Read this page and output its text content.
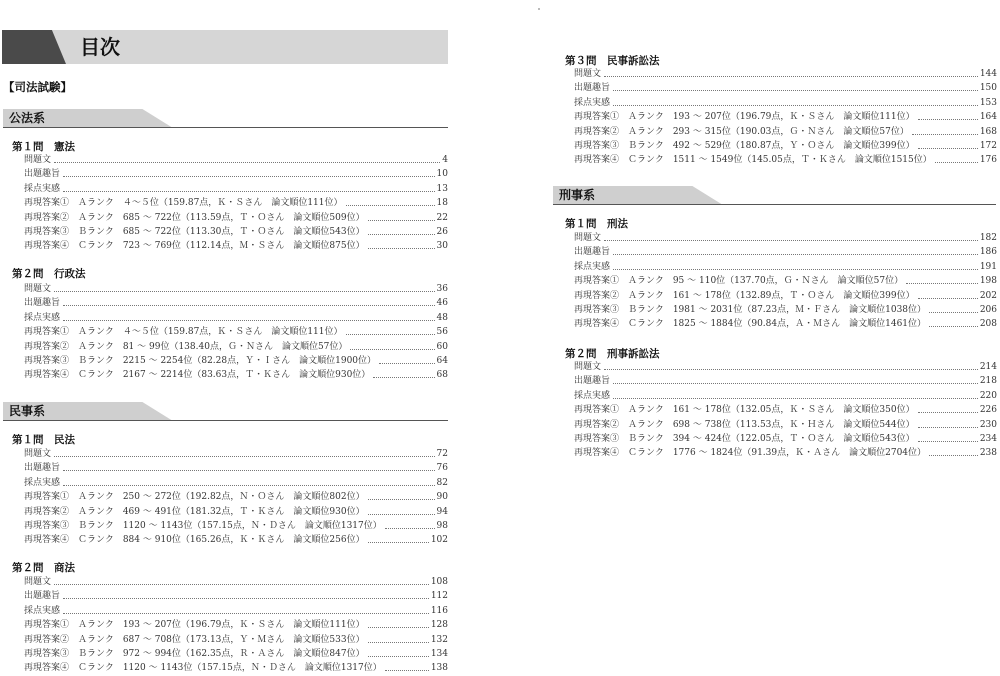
目次
【司法試験】
公法系
第１問　憲法
問題文	4
出題趣旨	10
採点実感	13
再現答案①　Ａランク　４～５位（159.87点，Ｋ・Ｓさん　論文順位111位）	18
再現答案②　Ａランク　685 ～ 722位（113.59点，Ｔ・Ｏさん　論文順位509位）	22
再現答案③　Ｂランク　685 ～ 722位（113.30点，Ｔ・Ｏさん　論文順位543位）	26
再現答案④　Ｃランク　723 ～ 769位（112.14点，Ｍ・Ｓさん　論文順位875位）	30
第２問　行政法
問題文	36
出題趣旨	46
採点実感	48
再現答案①　Ａランク　４～５位（159.87点，Ｋ・Ｓさん　論文順位111位）	56
再現答案②　Ａランク　81 ～ 99位（138.40点，Ｇ・Ｎさん　論文順位57位）	60
再現答案③　Ｂランク　2215 ～ 2254位（82.28点，Ｙ・Ｉさん　論文順位1900位）	64
再現答案④　Ｃランク　2167 ～ 2214位（83.63点，Ｔ・Ｋさん　論文順位930位）	68
民事系
第１問　民法
問題文	72
出題趣旨	76
採点実感	82
再現答案①　Ａランク　250 ～ 272位（192.82点，Ｎ・Ｏさん　論文順位802位）	90
再現答案②　Ａランク　469 ～ 491位（181.32点，Ｔ・Ｋさん　論文順位930位）	94
再現答案③　Ｂランク　1120 ～ 1143位（157.15点，Ｎ・Ｄさん　論文順位1317位）	98
再現答案④　Ｃランク　884 ～ 910位（165.26点，Ｋ・Ｋさん　論文順位256位）	102
第２問　商法
問題文	108
出題趣旨	112
採点実感	116
再現答案①　Ａランク　193 ～ 207位（196.79点，Ｋ・Ｓさん　論文順位111位）	128
再現答案②　Ａランク　687 ～ 708位（173.13点，Ｙ・Ｍさん　論文順位533位）	132
再現答案③　Ｂランク　972 ～ 994位（162.35点，Ｒ・Ａさん　論文順位847位）	134
再現答案④　Ｃランク　1120 ～ 1143位（157.15点，Ｎ・Ｄさん　論文順位1317位）	138
第３問　民事訴訟法
問題文	144
出題趣旨	150
採点実感	153
再現答案①　Ａランク　193 ～ 207位（196.79点，Ｋ・Ｓさん　論文順位111位）	164
再現答案②　Ａランク　293 ～ 315位（190.03点，Ｇ・Ｎさん　論文順位57位）	168
再現答案③　Ｂランク　492 ～ 529位（180.87点，Ｙ・Ｏさん　論文順位399位）	172
再現答案④　Ｃランク　1511 ～ 1549位（145.05点，Ｔ・Ｋさん　論文順位1515位）	176
刑事系
第１問　刑法
問題文	182
出題趣旨	186
採点実感	191
再現答案①　Ａランク　95 ～ 110位（137.70点，Ｇ・Ｎさん　論文順位57位）	198
再現答案②　Ａランク　161 ～ 178位（132.89点，Ｔ・Ｏさん　論文順位399位）	202
再現答案③　Ｂランク　1981 ～ 2031位（87.23点，Ｍ・Ｆさん　論文順位1038位）	206
再現答案④　Ｃランク　1825 ～ 1884位（90.84点，Ａ・Ｍさん　論文順位1461位）	208
第２問　刑事訴訟法
問題文	214
出題趣旨	218
採点実感	220
再現答案①　Ａランク　161 ～ 178位（132.05点，Ｋ・Ｓさん　論文順位350位）	226
再現答案②　Ａランク　698 ～ 738位（113.53点，Ｋ・Ｈさん　論文順位544位）	230
再現答案③　Ｂランク　394 ～ 424位（122.05点，Ｔ・Ｏさん　論文順位543位）	234
再現答案④　Ｃランク　1776 ～ 1824位（91.39点，Ｋ・Ａさん　論文順位2704位）	238
